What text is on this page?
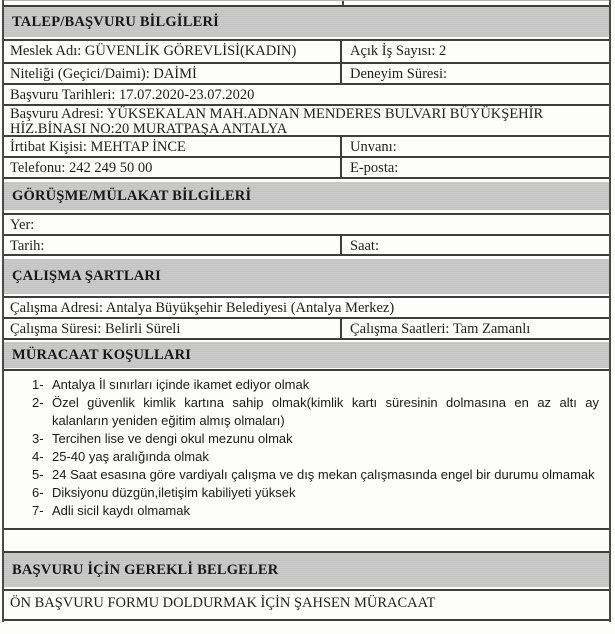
TALEP/BAŞVURU BİLGİLERİ
Meslek Adı: GÜVENLİK GÖREVLİSİ(KADIN)	Açık İş Sayısı: 2
Niteliği (Geçici/Daimi): DAİMİ	Deneyim Süresi:
Başvuru Tarihleri: 17.07.2020-23.07.2020
Başvuru Adresi: YÜKSEKALAN MAH.ADNAN MENDERES BULVARI BÜYÜKŞEHİR HİZ.BİNASI NO:20 MURATPAŞA ANTALYA
İrtibat Kişisi: MEHTAP İNCE	Unvanı:
Telefonu: 242 249 50 00	E-posta:
GÖRÜŞME/MÜLAKAT BİLGİLERİ
Yer:
Tarih:	Saat:
ÇALIŞMA ŞARTLARI
Çalışma Adresi: Antalya Büyükşehir Belediyesi (Antalya Merkez)
Çalışma Süresi: Belirli Süreli	Çalışma Saatleri: Tam Zamanlı
MÜRACAAT KOŞULLARI
1- Antalya İl sınırları içinde ikamet ediyor olmak
2- Özel güvenlik kimlik kartına sahip olmak(kimlik kartı süresinin dolmasına en az altı ay kalanların yeniden eğitim almış olmaları)
3- Tercihen lise ve dengi okul mezunu olmak
4- 25-40 yaş aralığında olmak
5- 24 Saat esasına göre vardiyalı çalışma ve dış mekan çalışmasında engel bir durumu olmamak
6- Diksiyonu düzgün,iletişim kabiliyeti yüksek
7- Adli sicil kaydı olmamak
BAŞVURU İÇİN GEREKLİ BELGELER
ÖN BAŞVURU FORMU DOLDURMAK İÇİN ŞAHSEN MÜRACAAT
